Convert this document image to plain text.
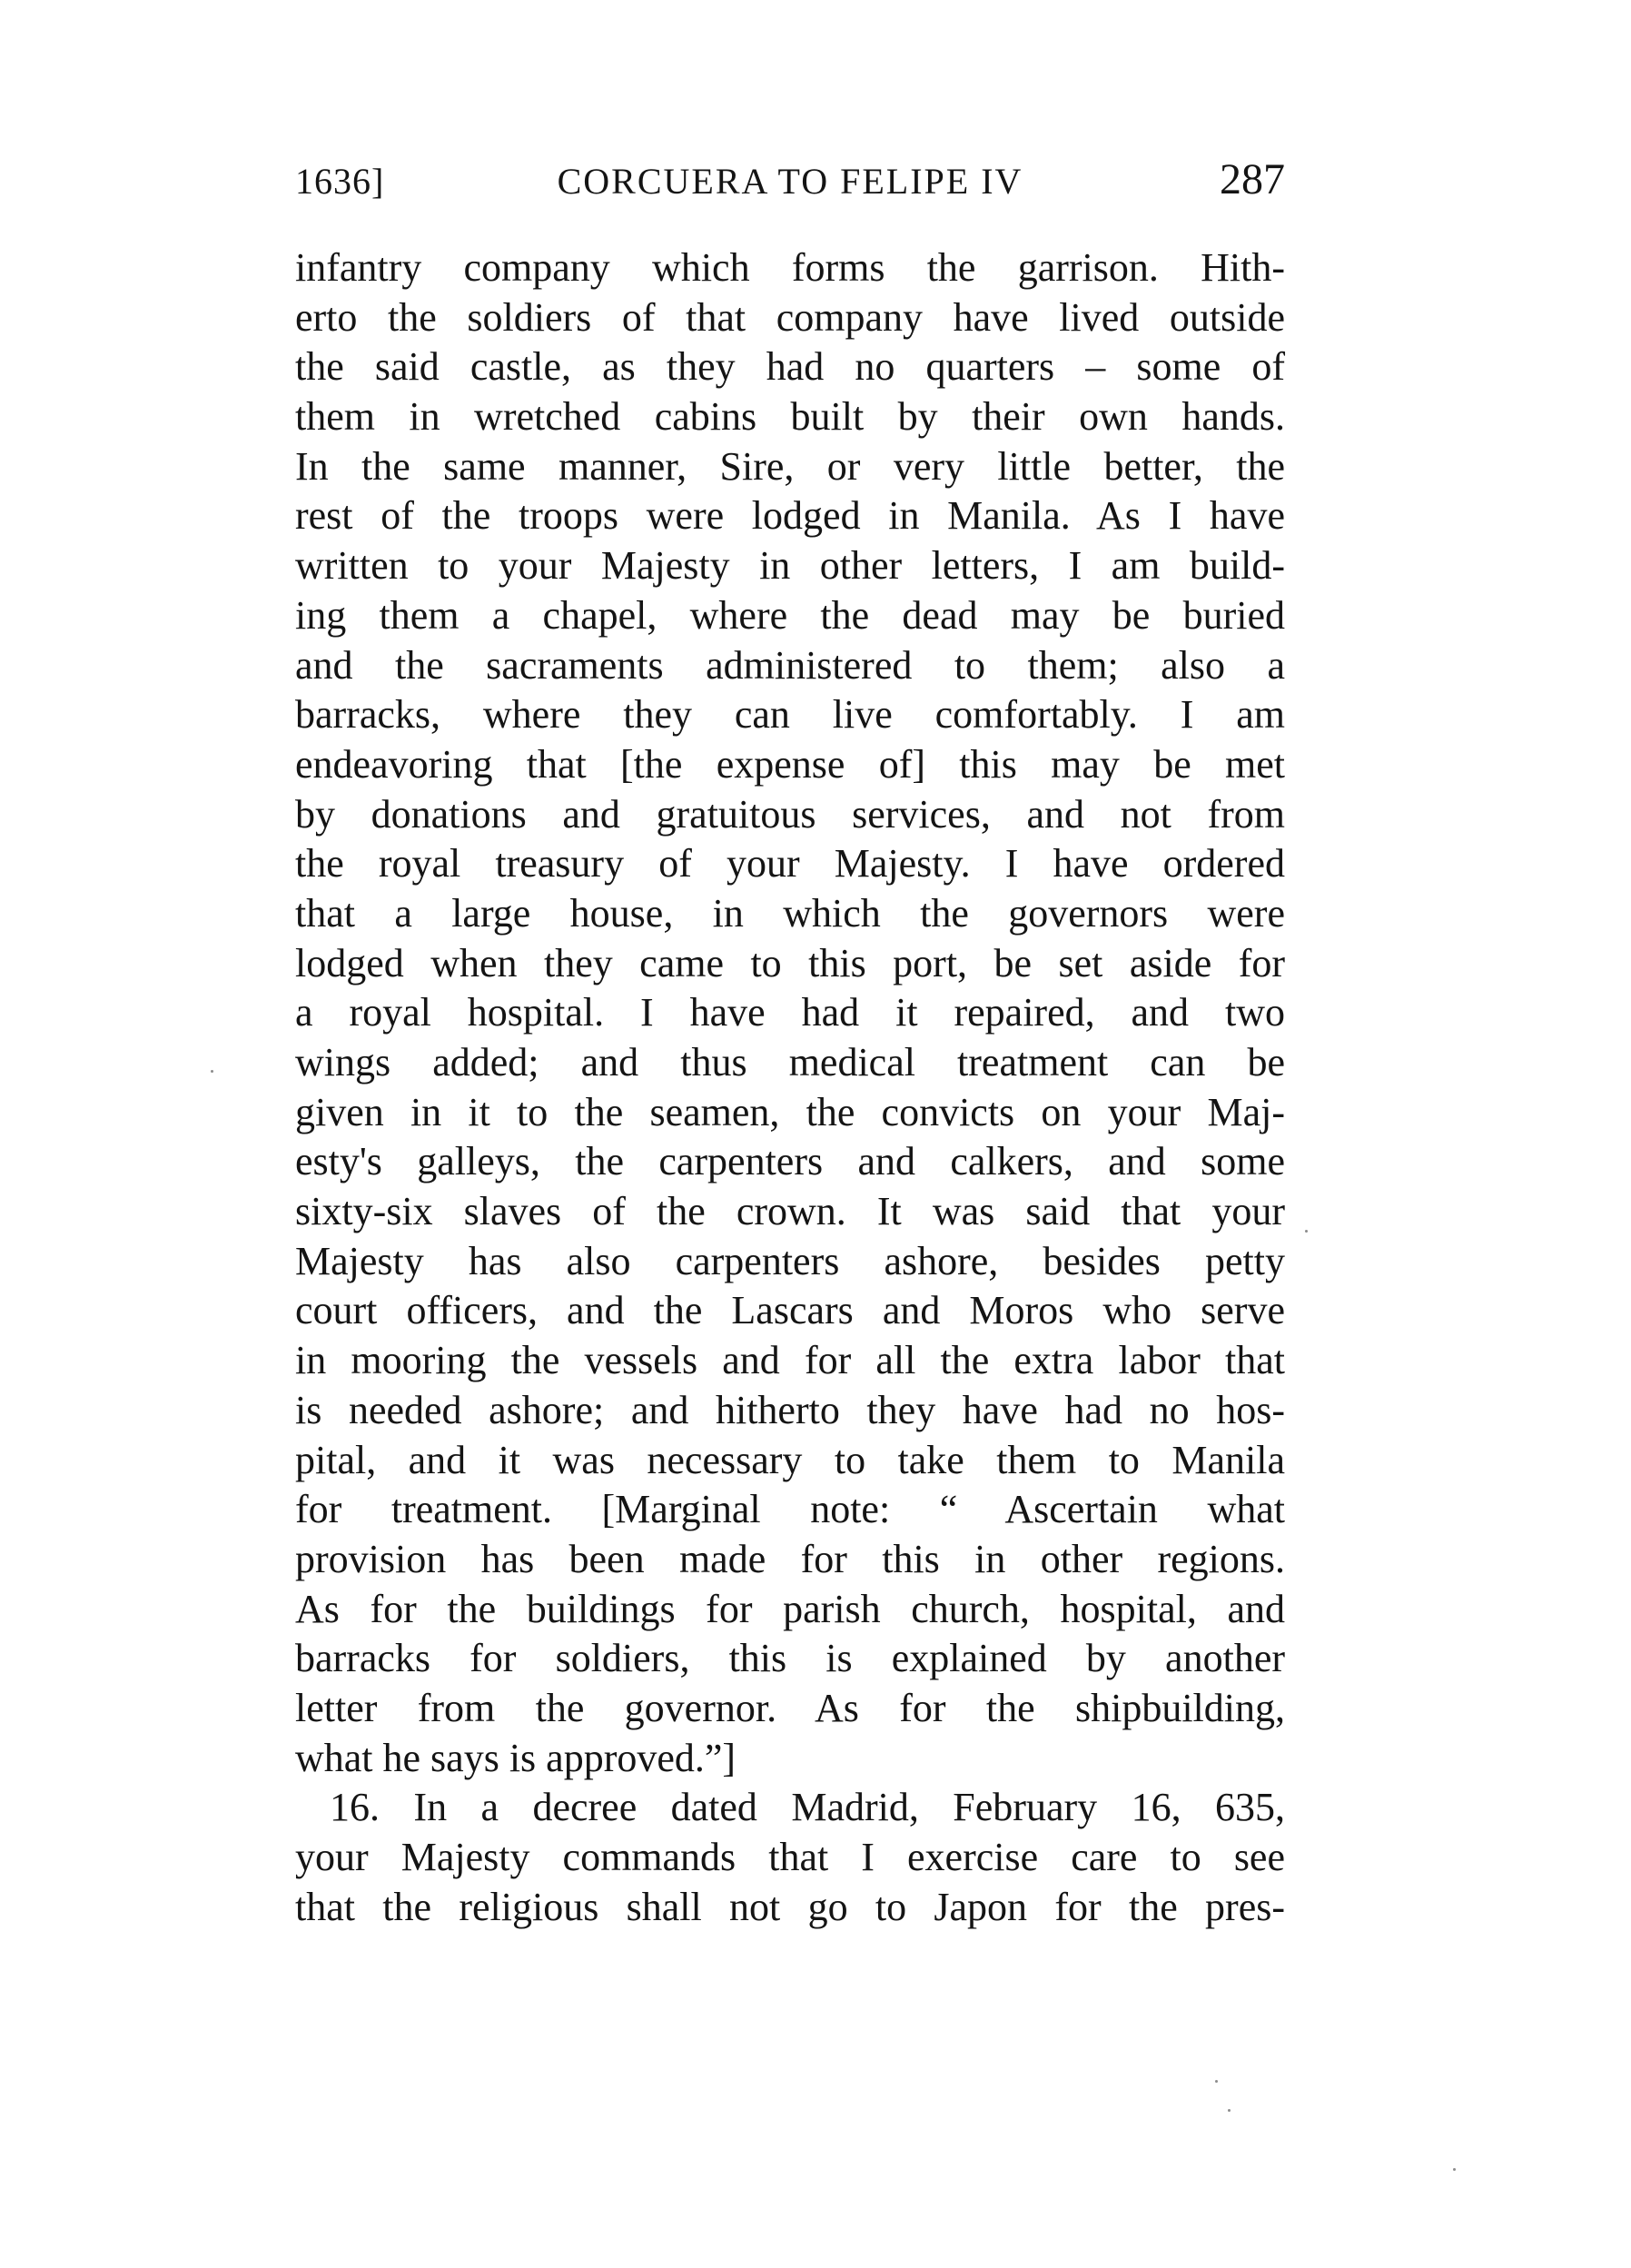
1636]	CORCUERA TO FELIPE IV	287
infantry company which forms the garrison. Hith-
erto the soldiers of that company have lived outside
the said castle, as they had no quarters – some of
them in wretched cabins built by their own hands.
In the same manner, Sire, or very little better, the
rest of the troops were lodged in Manila. As I have
written to your Majesty in other letters, I am build-
ing them a chapel, where the dead may be buried
and the sacraments administered to them; also a
barracks, where they can live comfortably. I am
endeavoring that [the expense of] this may be met
by donations and gratuitous services, and not from
the royal treasury of your Majesty. I have ordered
that a large house, in which the governors were
lodged when they came to this port, be set aside for
a royal hospital. I have had it repaired, and two
wings added; and thus medical treatment can be
given in it to the seamen, the convicts on your Maj-
esty's galleys, the carpenters and calkers, and some
sixty-six slaves of the crown. It was said that your
Majesty has also carpenters ashore, besides petty
court officers, and the Lascars and Moros who serve
in mooring the vessels and for all the extra labor that
is needed ashore; and hitherto they have had no hos-
pital, and it was necessary to take them to Manila
for treatment. [Marginal note: “ Ascertain what
provision has been made for this in other regions.
As for the buildings for parish church, hospital, and
barracks for soldiers, this is explained by another
letter from the governor. As for the shipbuilding,
what he says is approved.”]
16. In a decree dated Madrid, February 16, 635,
your Majesty commands that I exercise care to see
that the religious shall not go to Japon for the pres-
